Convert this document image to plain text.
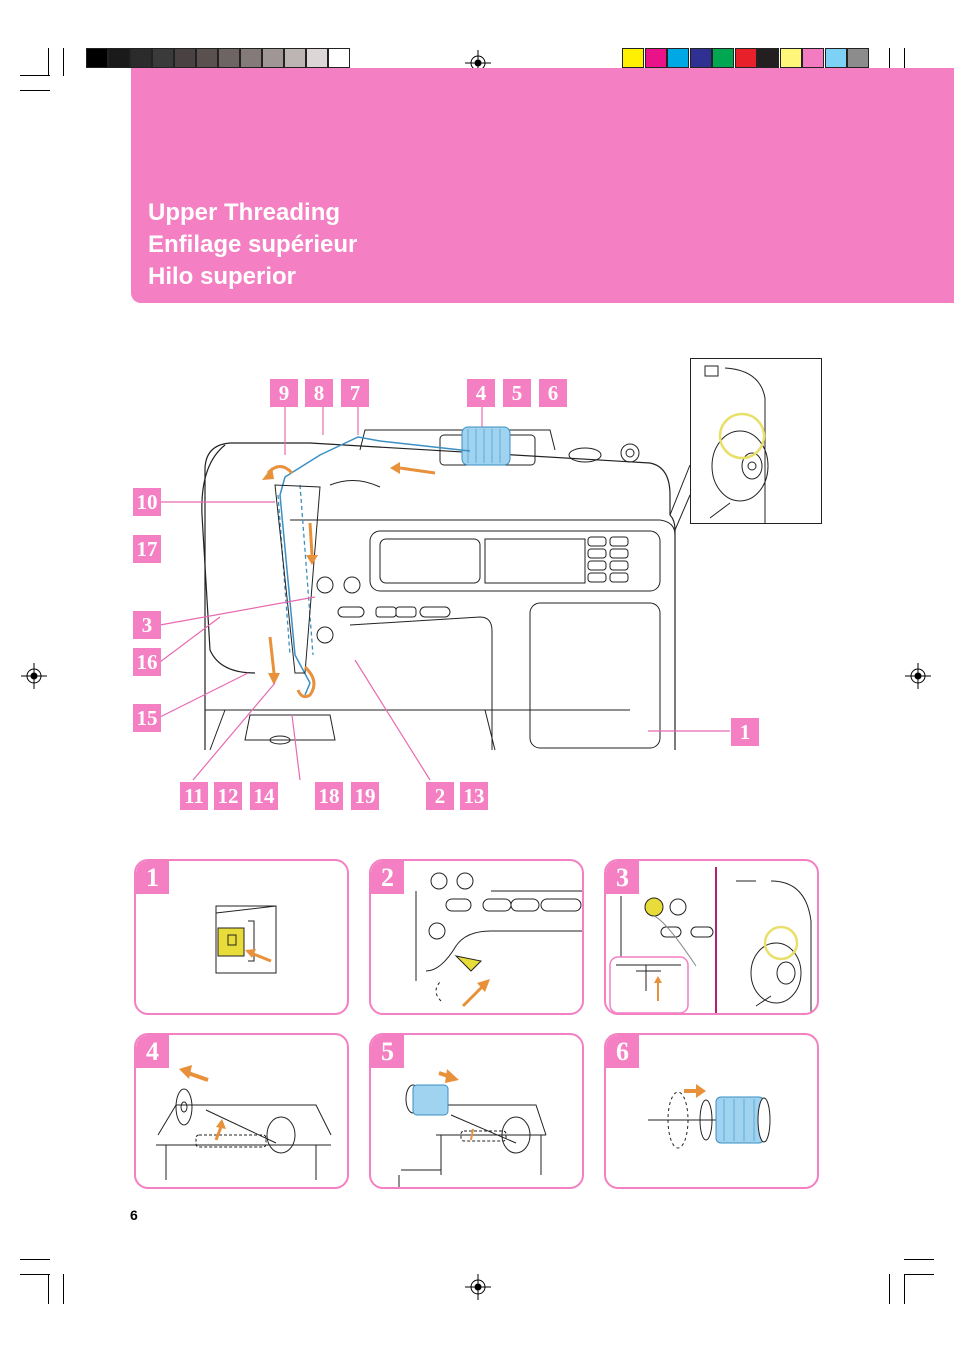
Upper Threading
Enfilage supérieur
Hilo superior
9	8	7	4	5	6
10
17
3
16
15
1
11 12 14 18 19	2 13
1	2	3
4	5	6
6
